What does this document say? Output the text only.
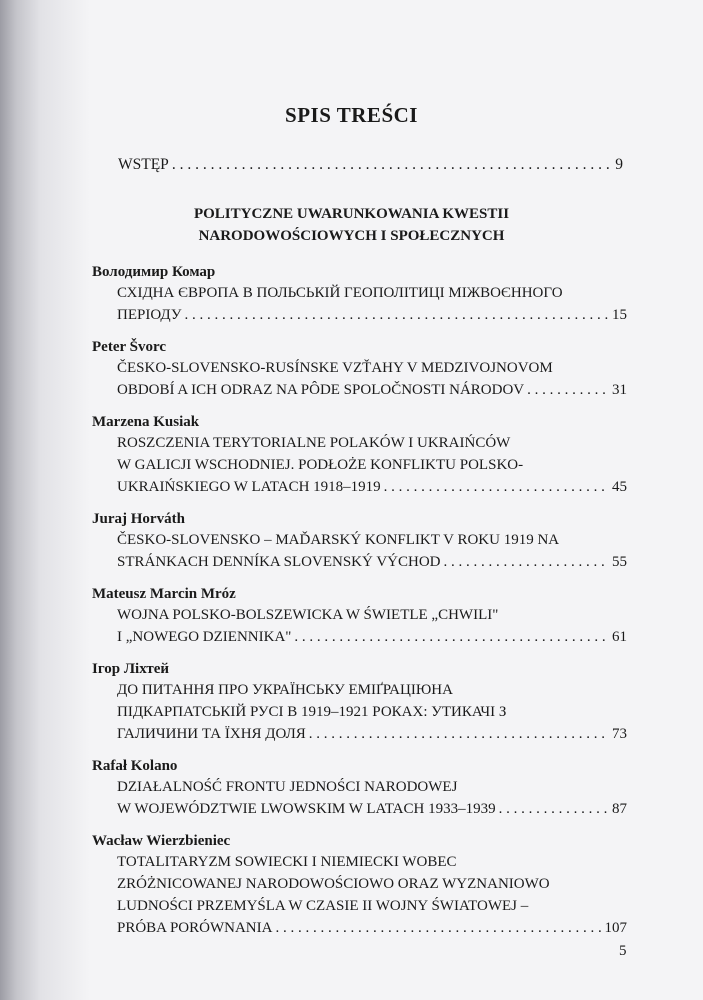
SPIS TREŚCI
WSTĘP . . .	9
POLITYCZNE UWARUNKOWANIA KWESTII
NARODOWOŚCIOWYCH I SPOŁECZNYCH
Володимир Комар
СХІДНА ЄВРОПА В ПОЛЬСЬКІЙ ГЕОПОЛІТИЦІ МІЖВОЄННОГО
ПЕРІОДУ . . .	15
Peter Švorc
ČESKO-SLOVENSKO-RUSÍNSKE VZŤAHY V MEDZIVOJNOVOM
OBDOBÍ A ICH ODRAZ NA PÔDE SPOLOČNOSTI NÁRODOV . . .	31
Marzena Kusiak
ROSZCZENIA TERYTORIALNE POLAKÓW I UKRAIŃCÓW
W GALICJI WSCHODNIEJ. PODŁOŻE KONFLIKTU POLSKO-
UKRAIŃSKIEGO W LATACH 1918–1919 . . .	45
Juraj Horváth
ČESKO-SLOVENSKO – MAĎARSKÝ KONFLIKT V ROKU 1919 NA
STRÁNKACH DENNÍKA SLOVENSKÝ VÝCHOD . . .	55
Mateusz Marcin Mróz
WOJNA POLSKO-BOLSZEWICKA W ŚWIETLE „CHWILI"
I „NOWEGO DZIENNIKA" . . .	61
Ігор Ліхтей
ДО ПИТАННЯ ПРО УКРАЇНСЬКУ ЕМІҐРАЦІЮНА
ПІДКАРПАТСЬКІЙ РУСІ В 1919–1921 РОКАХ: УТИКАЧІ З
ГАЛИЧИНИ ТА ЇХНЯ ДОЛЯ . . .	73
Rafał Kolano
DZIAŁALNOŚĆ FRONTU JEDNOŚCI NARODOWEJ
W WOJEWÓDZTWIE LWOWSKIM W LATACH 1933–1939 . . .	87
Wacław Wierzbieniec
TOTALITARYZM SOWIECKI I NIEMIECKI WOBEC
ZRÓŻNICOWANEJ NARODOWOŚCIOWO ORAZ WYZNANIOWO
LUDNOŚCI PRZEMYŚLA W CZASIE II WOJNY ŚWIATOWEJ –
PRÓBA PORÓWNANIA . . .	107
5
